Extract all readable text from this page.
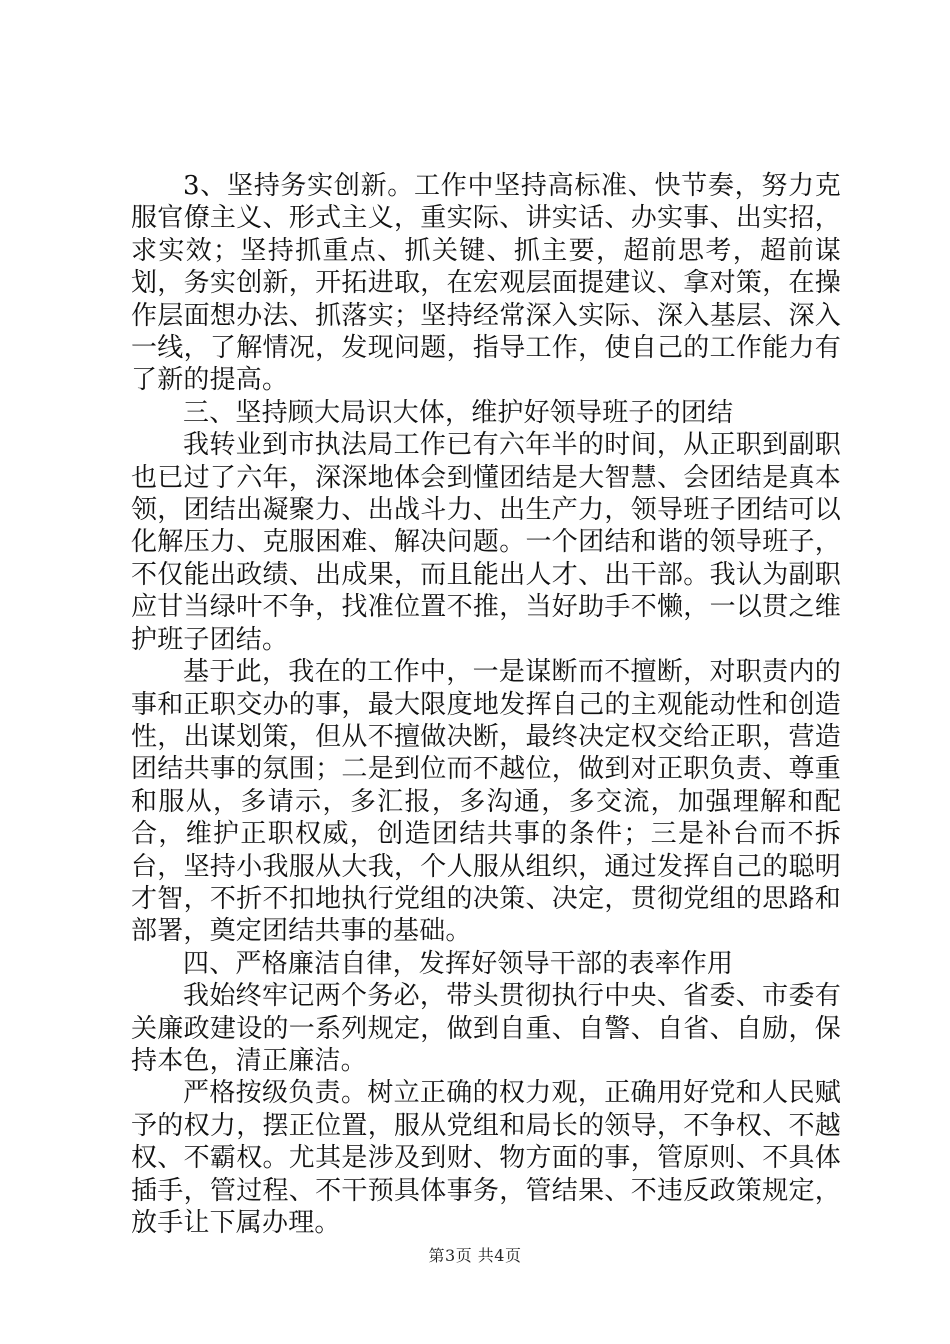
3、坚持务实创新。工作中坚持高标准、快节奏，努力克服官僚主义、形式主义，重实际、讲实话、办实事、出实招，求实效；坚持抓重点、抓关键、抓主要，超前思考，超前谋划，务实创新，开拓进取，在宏观层面提建议、拿对策，在操作层面想办法、抓落实；坚持经常深入实际、深入基层、深入一线，了解情况，发现问题，指导工作，使自己的工作能力有了新的提高。

三、坚持顾大局识大体，维护好领导班子的团结

我转业到市执法局工作已有六年半的时间，从正职到副职也已过了六年，深深地体会到懂团结是大智慧、会团结是真本领，团结出凝聚力、出战斗力、出生产力，领导班子团结可以化解压力、克服困难、解决问题。一个团结和谐的领导班子，不仅能出政绩、出成果，而且能出人才、出干部。我认为副职应甘当绿叶不争，找准位置不推，当好助手不懒，一以贯之维护班子团结。

基于此，我在的工作中，一是谋断而不擅断，对职责内的事和正职交办的事，最大限度地发挥自己的主观能动性和创造性，出谋划策，但从不擅做决断，最终决定权交给正职，营造团结共事的氛围；二是到位而不越位，做到对正职负责、尊重和服从，多请示，多汇报，多沟通，多交流，加强理解和配合，维护正职权威，创造团结共事的条件；三是补台而不拆台，坚持小我服从大我，个人服从组织，通过发挥自己的聪明才智，不折不扣地执行党组的决策、决定，贯彻党组的思路和部署，奠定团结共事的基础。

四、严格廉洁自律，发挥好领导干部的表率作用

我始终牢记两个务必，带头贯彻执行中央、省委、市委有关廉政建设的一系列规定，做到自重、自警、自省、自励，保持本色，清正廉洁。

严格按级负责。树立正确的权力观，正确用好党和人民赋予的权力，摆正位置，服从党组和局长的领导，不争权、不越权、不霸权。尤其是涉及到财、物方面的事，管原则、不具体插手，管过程、不干预具体事务，管结果、不违反政策规定，放手让下属办理。

第3页 共4页
